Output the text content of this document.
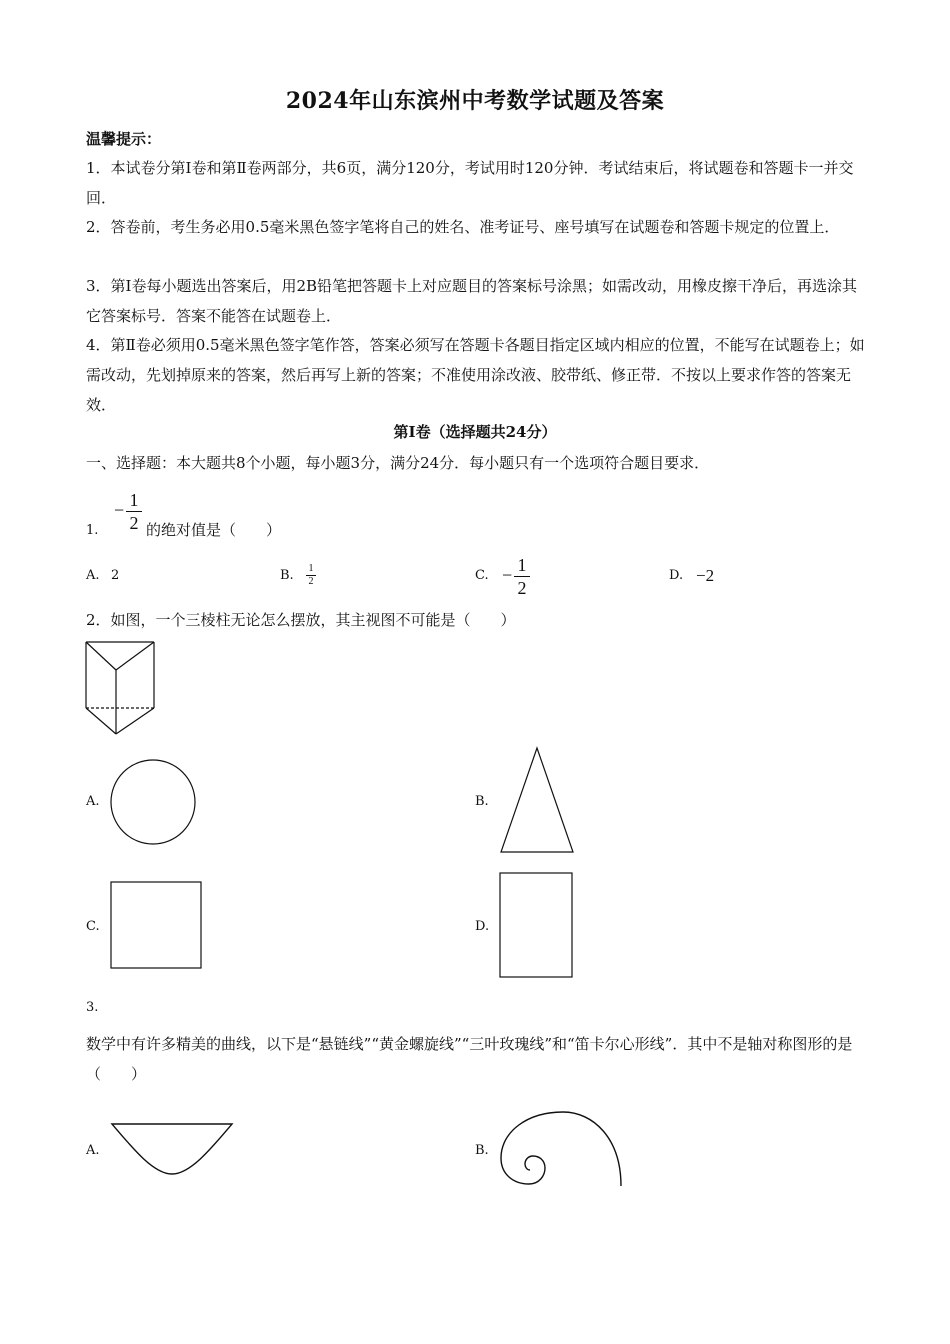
2024年山东滨州中考数学试题及答案
温馨提示：
1．本试卷分第Ⅰ卷和第Ⅱ卷两部分，共6页，满分120分，考试用时120分钟．考试结束后，将试题卷和答题卡一并交回．
2．答卷前，考生务必用0.5毫米黑色签字笔将自己的姓名、准考证号、座号填写在试题卷和答题卡规定的位置上．
3．第Ⅰ卷每小题选出答案后，用2B铅笔把答题卡上对应题目的答案标号涂黑；如需改动，用橡皮擦干净后，再选涂其它答案标号．答案不能答在试题卷上．
4．第Ⅱ卷必须用0.5毫米黑色签字笔作答，答案必须写在答题卡各题目指定区域内相应的位置，不能写在试题卷上；如需改动，先划掉原来的答案，然后再写上新的答案；不准使用涂改液、胶带纸、修正带．不按以上要求作答的答案无效．
第Ⅰ卷（选择题共24分）
一、选择题：本大题共8个小题，每小题3分，满分24分．每小题只有一个选项符合题目要求．
1.
− $\frac{1}{2}$ 的绝对值是（　　）
A. 2	B. $\frac{1}{2}$	C. − $\frac{1}{2}$	D. −2
2．如图，一个三棱柱无论怎么摆放，其主视图不可能是（　　）
A.	B.
C.	D.
3.
数学中有许多精美的曲线，以下是“悬链线”“黄金螺旋线”“三叶玫瑰线”和“笛卡尔心形线”．其中不是轴对称图形的是（　　）
A.	B.
